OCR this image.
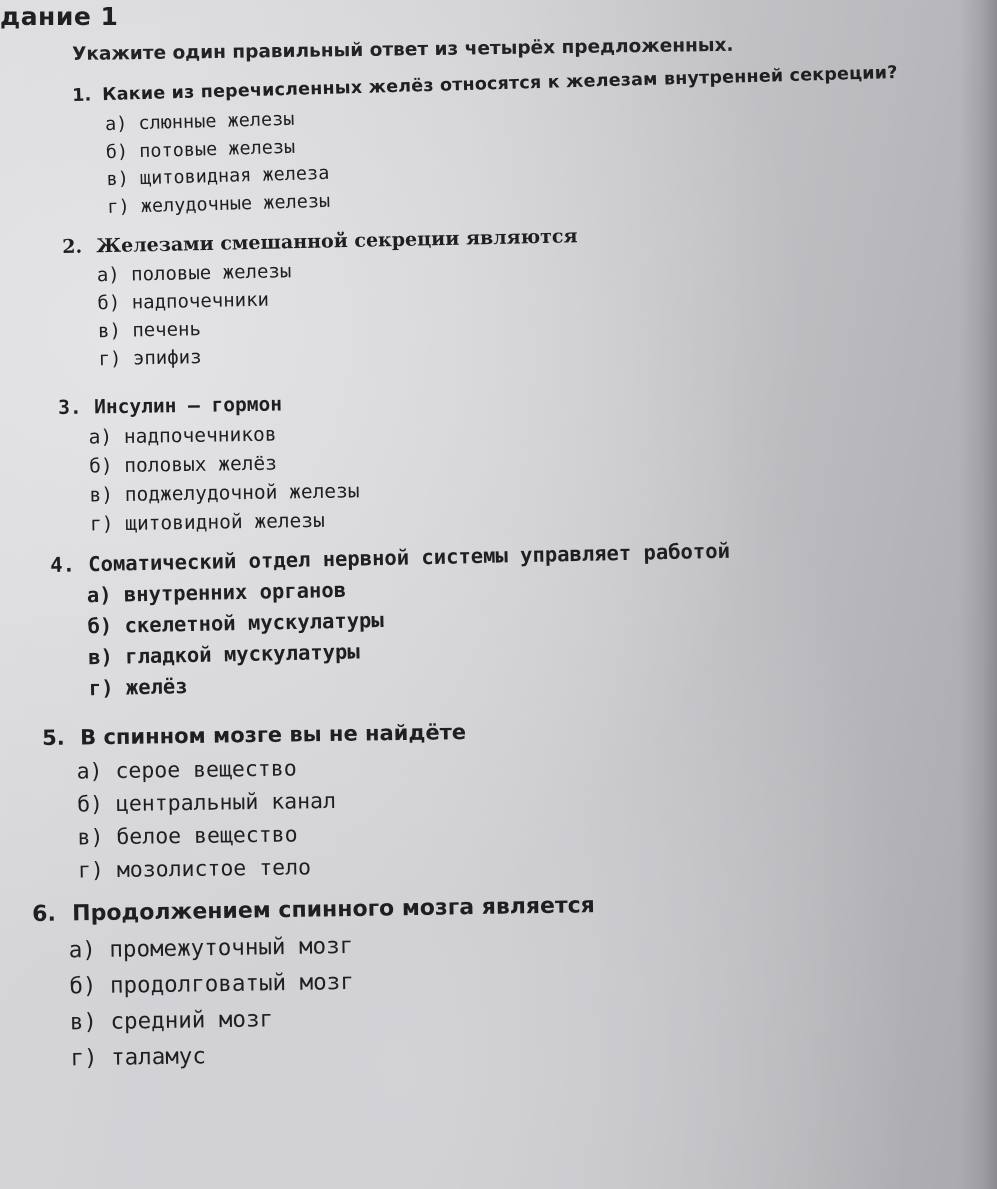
дание 1
Укажите один правильный ответ из четырёх предложенных.
1. Какие из перечисленных желёз относятся к железам внутренней секреции?
а) слюнные железы
б) потовые железы
в) щитовидная железа
г) желудочные железы
2. Железами смешанной секреции являются
а) половые железы
б) надпочечники
в) печень
г) эпифиз
3. Инсулин — гормон
а) надпочечников
б) половых желёз
в) поджелудочной железы
г) щитовидной железы
4. Соматический отдел нервной системы управляет работой
а) внутренних органов
б) скелетной мускулатуры
в) гладкой мускулатуры
г) желёз
5. В спинном мозге вы не найдёте
а) серое вещество
б) центральный канал
в) белое вещество
г) мозолистое тело
6. Продолжением спинного мозга является
а) промежуточный мозг
б) продолговатый мозг
в) средний мозг
г) таламус
